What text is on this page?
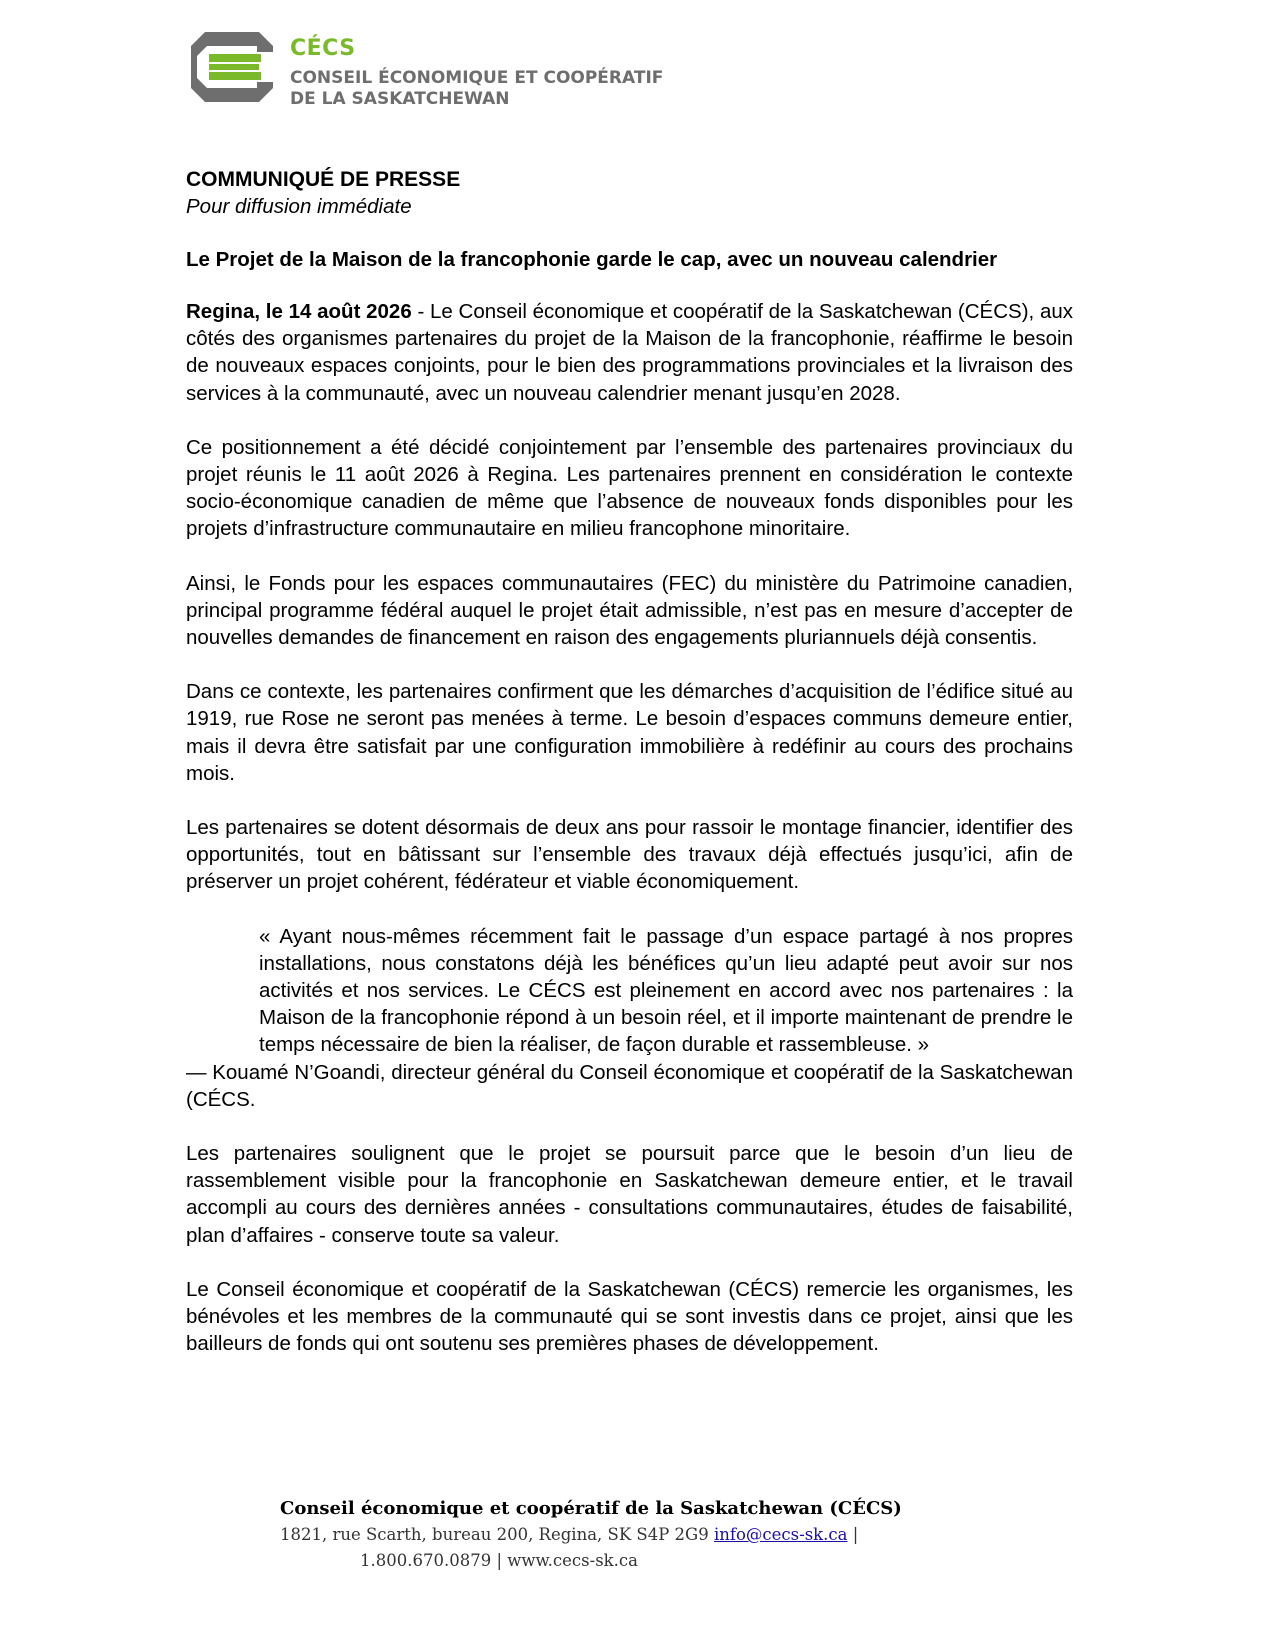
CÉCS
CONSEIL ÉCONOMIQUE ET COOPÉRATIF
DE LA SASKATCHEWAN

COMMUNIQUÉ DE PRESSE

Pour diffusion immédiate

Le Projet de la Maison de la francophonie garde le cap, avec un nouveau calendrier

Regina, le 14 août 2026 - Le Conseil économique et coopératif de la Saskatchewan (CÉCS), aux côtés des organismes partenaires du projet de la Maison de la francophonie, réaffirme le besoin de nouveaux espaces conjoints, pour le bien des programmations provinciales et la livraison des services à la communauté, avec un nouveau calendrier menant jusqu’en 2028.

Ce positionnement a été décidé conjointement par l’ensemble des partenaires provinciaux du projet réunis le 11 août 2026 à Regina. Les partenaires prennent en considération le contexte socio-économique canadien de même que l’absence de nouveaux fonds disponibles pour les projets d’infrastructure communautaire en milieu francophone minoritaire.

Ainsi, le Fonds pour les espaces communautaires (FEC) du ministère du Patrimoine canadien, principal programme fédéral auquel le projet était admissible, n’est pas en mesure d’accepter de nouvelles demandes de financement en raison des engagements pluriannuels déjà consentis.

Dans ce contexte, les partenaires confirment que les démarches d’acquisition de l’édifice situé au 1919, rue Rose ne seront pas menées à terme. Le besoin d’espaces communs demeure entier, mais il devra être satisfait par une configuration immobilière à redéfinir au cours des prochains mois.

Les partenaires se dotent désormais de deux ans pour rassoir le montage financier, identifier des opportunités, tout en bâtissant sur l’ensemble des travaux déjà effectués jusqu’ici, afin de préserver un projet cohérent, fédérateur et viable économiquement.

« Ayant nous-mêmes récemment fait le passage d’un espace partagé à nos propres installations, nous constatons déjà les bénéfices qu’un lieu adapté peut avoir sur nos activités et nos services. Le CÉCS est pleinement en accord avec nos partenaires : la Maison de la francophonie répond à un besoin réel, et il importe maintenant de prendre le temps nécessaire de bien la réaliser, de façon durable et rassembleuse. »

— Kouamé N’Goandi, directeur général du Conseil économique et coopératif de la Saskatchewan (CÉCS.

Les partenaires soulignent que le projet se poursuit parce que le besoin d’un lieu de rassemblement visible pour la francophonie en Saskatchewan demeure entier, et le travail accompli au cours des dernières années - consultations communautaires, études de faisabilité, plan d’affaires - conserve toute sa valeur.

Le Conseil économique et coopératif de la Saskatchewan (CÉCS) remercie les organismes, les bénévoles et les membres de la communauté qui se sont investis dans ce projet, ainsi que les bailleurs de fonds qui ont soutenu ses premières phases de développement.

Conseil économique et coopératif de la Saskatchewan (CÉCS)
1821, rue Scarth, bureau 200, Regina, SK S4P 2G9 info@cecs-sk.ca |
1.800.670.0879 | www.cecs-sk.ca
